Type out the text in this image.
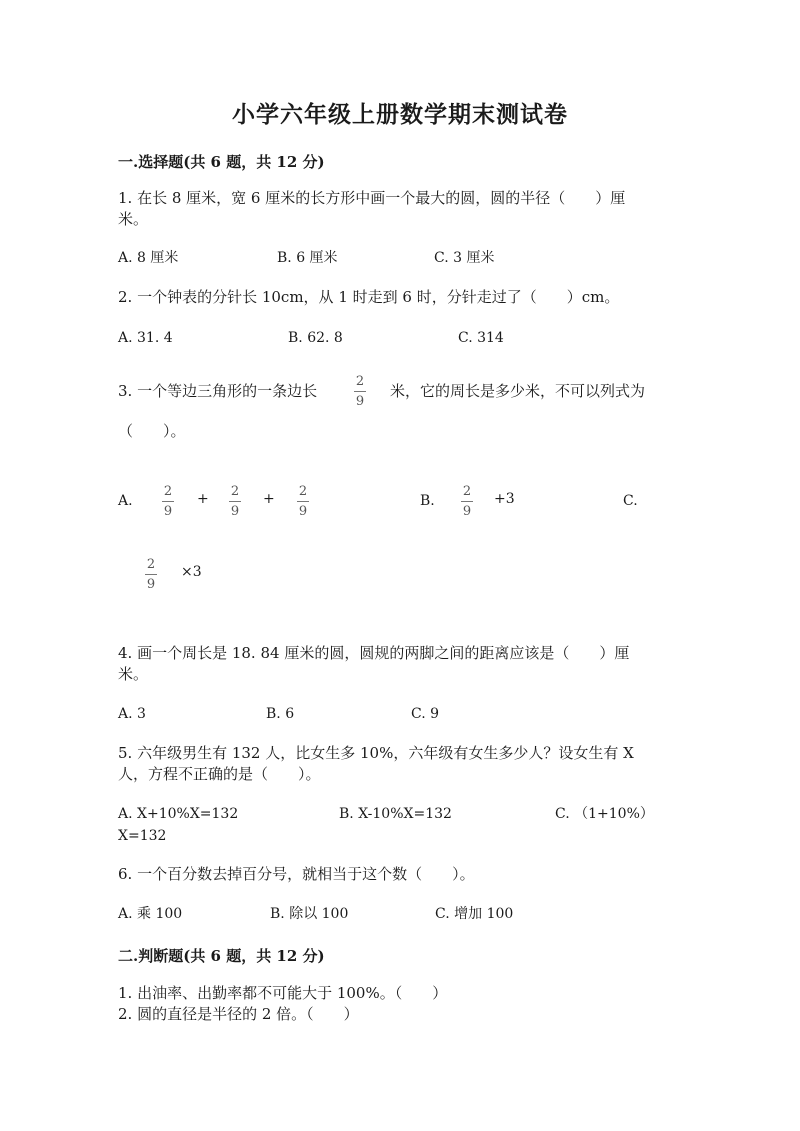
小学六年级上册数学期末测试卷
一.选择题(共 6 题，共 12 分)
1. 在长 8 厘米，宽 6 厘米的长方形中画一个最大的圆，圆的半径（　　）厘
米。
A. 8 厘米	B. 6 厘米	C. 3 厘米
2. 一个钟表的分针长 10cm，从 1 时走到 6 时，分针走过了（　　）cm。
A. 31. 4	B. 62. 8	C. 314
3. 一个等边三角形的一条边长
2
9
米，它的周长是多少米，不可以列式为
（　　）。
A.
2
9
+ 2
9
+ 2
9
B.
2
9
+3	C.
2
9
×3
4. 画一个周长是 18. 84 厘米的圆，圆规的两脚之间的距离应该是（　　）厘
米。
A. 3	B. 6	C. 9
5. 六年级男生有 132 人，比女生多 10%，六年级有女生多少人？设女生有 X
人，方程不正确的是（　　）。
A. X+10%X=132	B. X-10%X=132	C. （1+10%）
X=132
6. 一个百分数去掉百分号，就相当于这个数（　　）。
A. 乘 100	B. 除以 100	C. 增加 100
二.判断题(共 6 题，共 12 分)
1. 出油率、出勤率都不可能大于 100%。（　　）
2. 圆的直径是半径的 2 倍。（　　）
